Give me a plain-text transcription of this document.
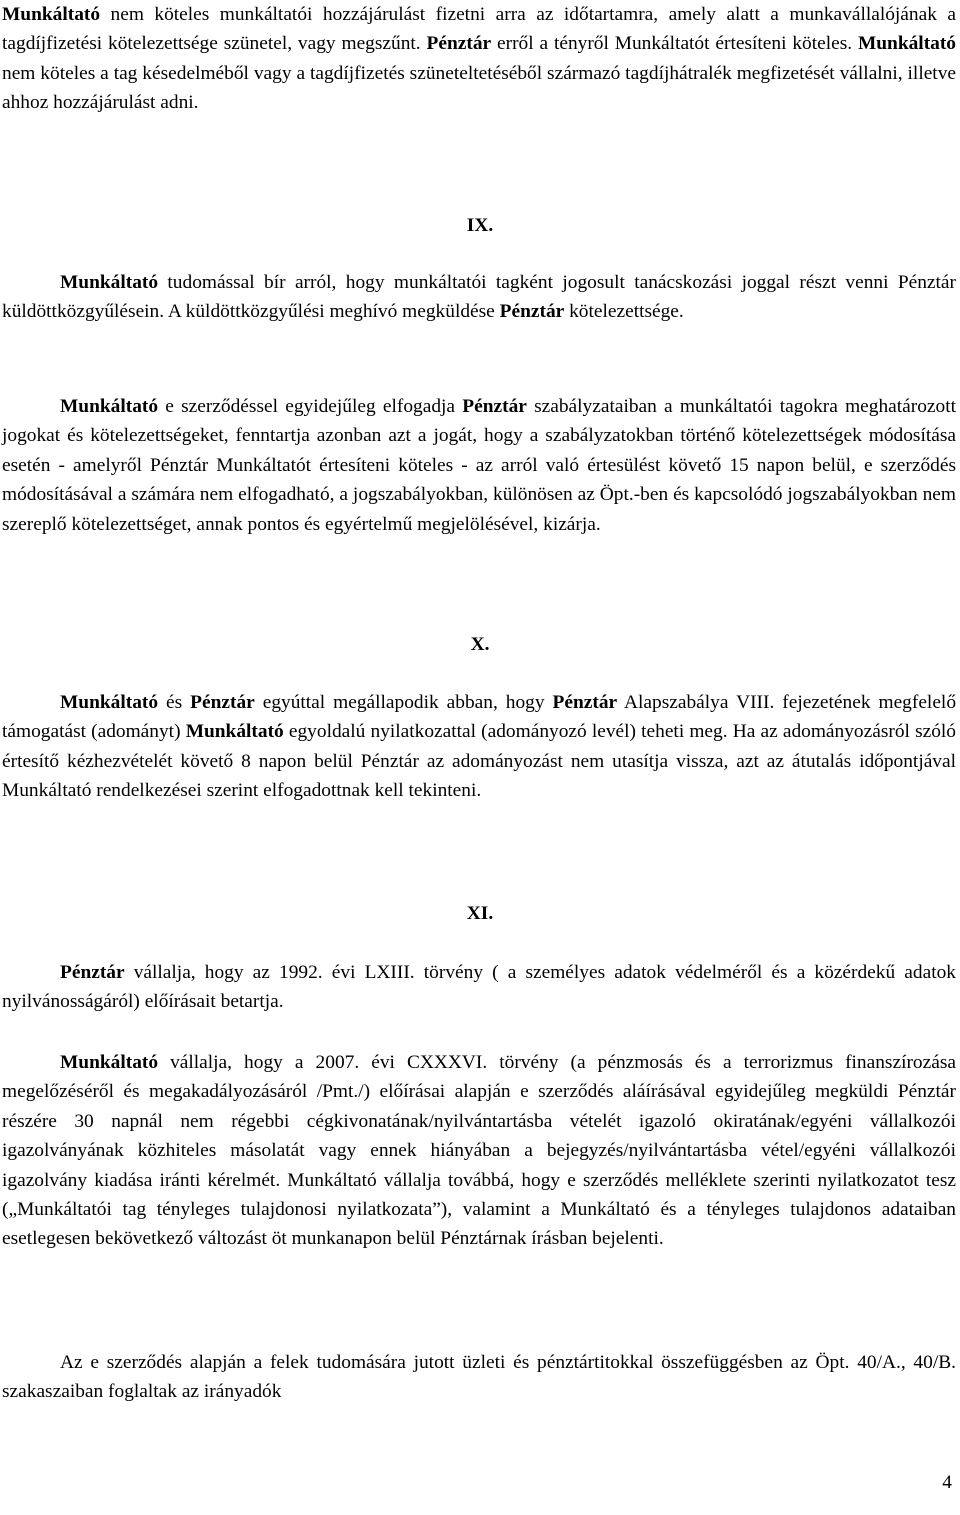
Munkáltató nem köteles munkáltatói hozzájárulást fizetni arra az időtartamra, amely alatt a munkavállalójának a tagdíjfizetési kötelezettsége szünetel, vagy megszűnt. Pénztár erről a tényről Munkáltatót értesíteni köteles. Munkáltató nem köteles a tag késedelméből vagy a tagdíjfizetés szüneteltetéséből származó tagdíjhátralék megfizetését vállalni, illetve ahhoz hozzájárulást adni.

IX.

Munkáltató tudomással bír arról, hogy munkáltatói tagként jogosult tanácskozási joggal részt venni Pénztár küldöttközgyűlésein. A küldöttközgyűlési meghívó megküldése Pénztár kötelezettsége.

Munkáltató e szerződéssel egyidejűleg elfogadja Pénztár szabályzataiban a munkáltatói tagokra meghatározott jogokat és kötelezettségeket, fenntartja azonban azt a jogát, hogy a szabályzatokban történő kötelezettségek módosítása esetén - amelyről Pénztár Munkáltatót értesíteni köteles - az arról való értesülést követő 15 napon belül, e szerződés módosításával a számára nem elfogadható, a jogszabályokban, különösen az Öpt.-ben és kapcsolódó jogszabályokban nem szereplő kötelezettséget, annak pontos és egyértelmű megjelölésével, kizárja.

X.

Munkáltató és Pénztár egyúttal megállapodik abban, hogy Pénztár Alapszabálya VIII. fejezetének megfelelő támogatást (adományt) Munkáltató egyoldalú nyilatkozattal (adományozó levél) teheti meg. Ha az adományozásról szóló értesítő kézhezvételét követő 8 napon belül Pénztár az adományozást nem utasítja vissza, azt az átutalás időpontjával Munkáltató rendelkezései szerint elfogadottnak kell tekinteni.

XI.

Pénztár vállalja, hogy az 1992. évi LXIII. törvény ( a személyes adatok védelméről és a közérdekű adatok nyilvánosságáról) előírásait betartja.

Munkáltató vállalja, hogy a 2007. évi CXXXVI. törvény (a pénzmosás és a terrorizmus finanszírozása megelőzéséről és megakadályozásáról /Pmt./) előírásai alapján e szerződés aláírásával egyidejűleg megküldi Pénztár részére 30 napnál nem régebbi cégkivonatának/nyilvántartásba vételét igazoló okiratának/egyéni vállalkozói igazolványának közhiteles másolatát vagy ennek hiányában a bejegyzés/nyilvántartásba vétel/egyéni vállalkozói igazolvány kiadása iránti kérelmét. Munkáltató vállalja továbbá, hogy e szerződés melléklete szerinti nyilatkozatot tesz („Munkáltatói tag tényleges tulajdonosi nyilatkozata”), valamint a Munkáltató és a tényleges tulajdonos adataiban esetlegesen bekövetkező változást öt munkanapon belül Pénztárnak írásban bejelenti.

Az e szerződés alapján a felek tudomására jutott üzleti és pénztártitokkal összefüggésben az Öpt. 40/A., 40/B. szakaszaiban foglaltak az irányadók

4
